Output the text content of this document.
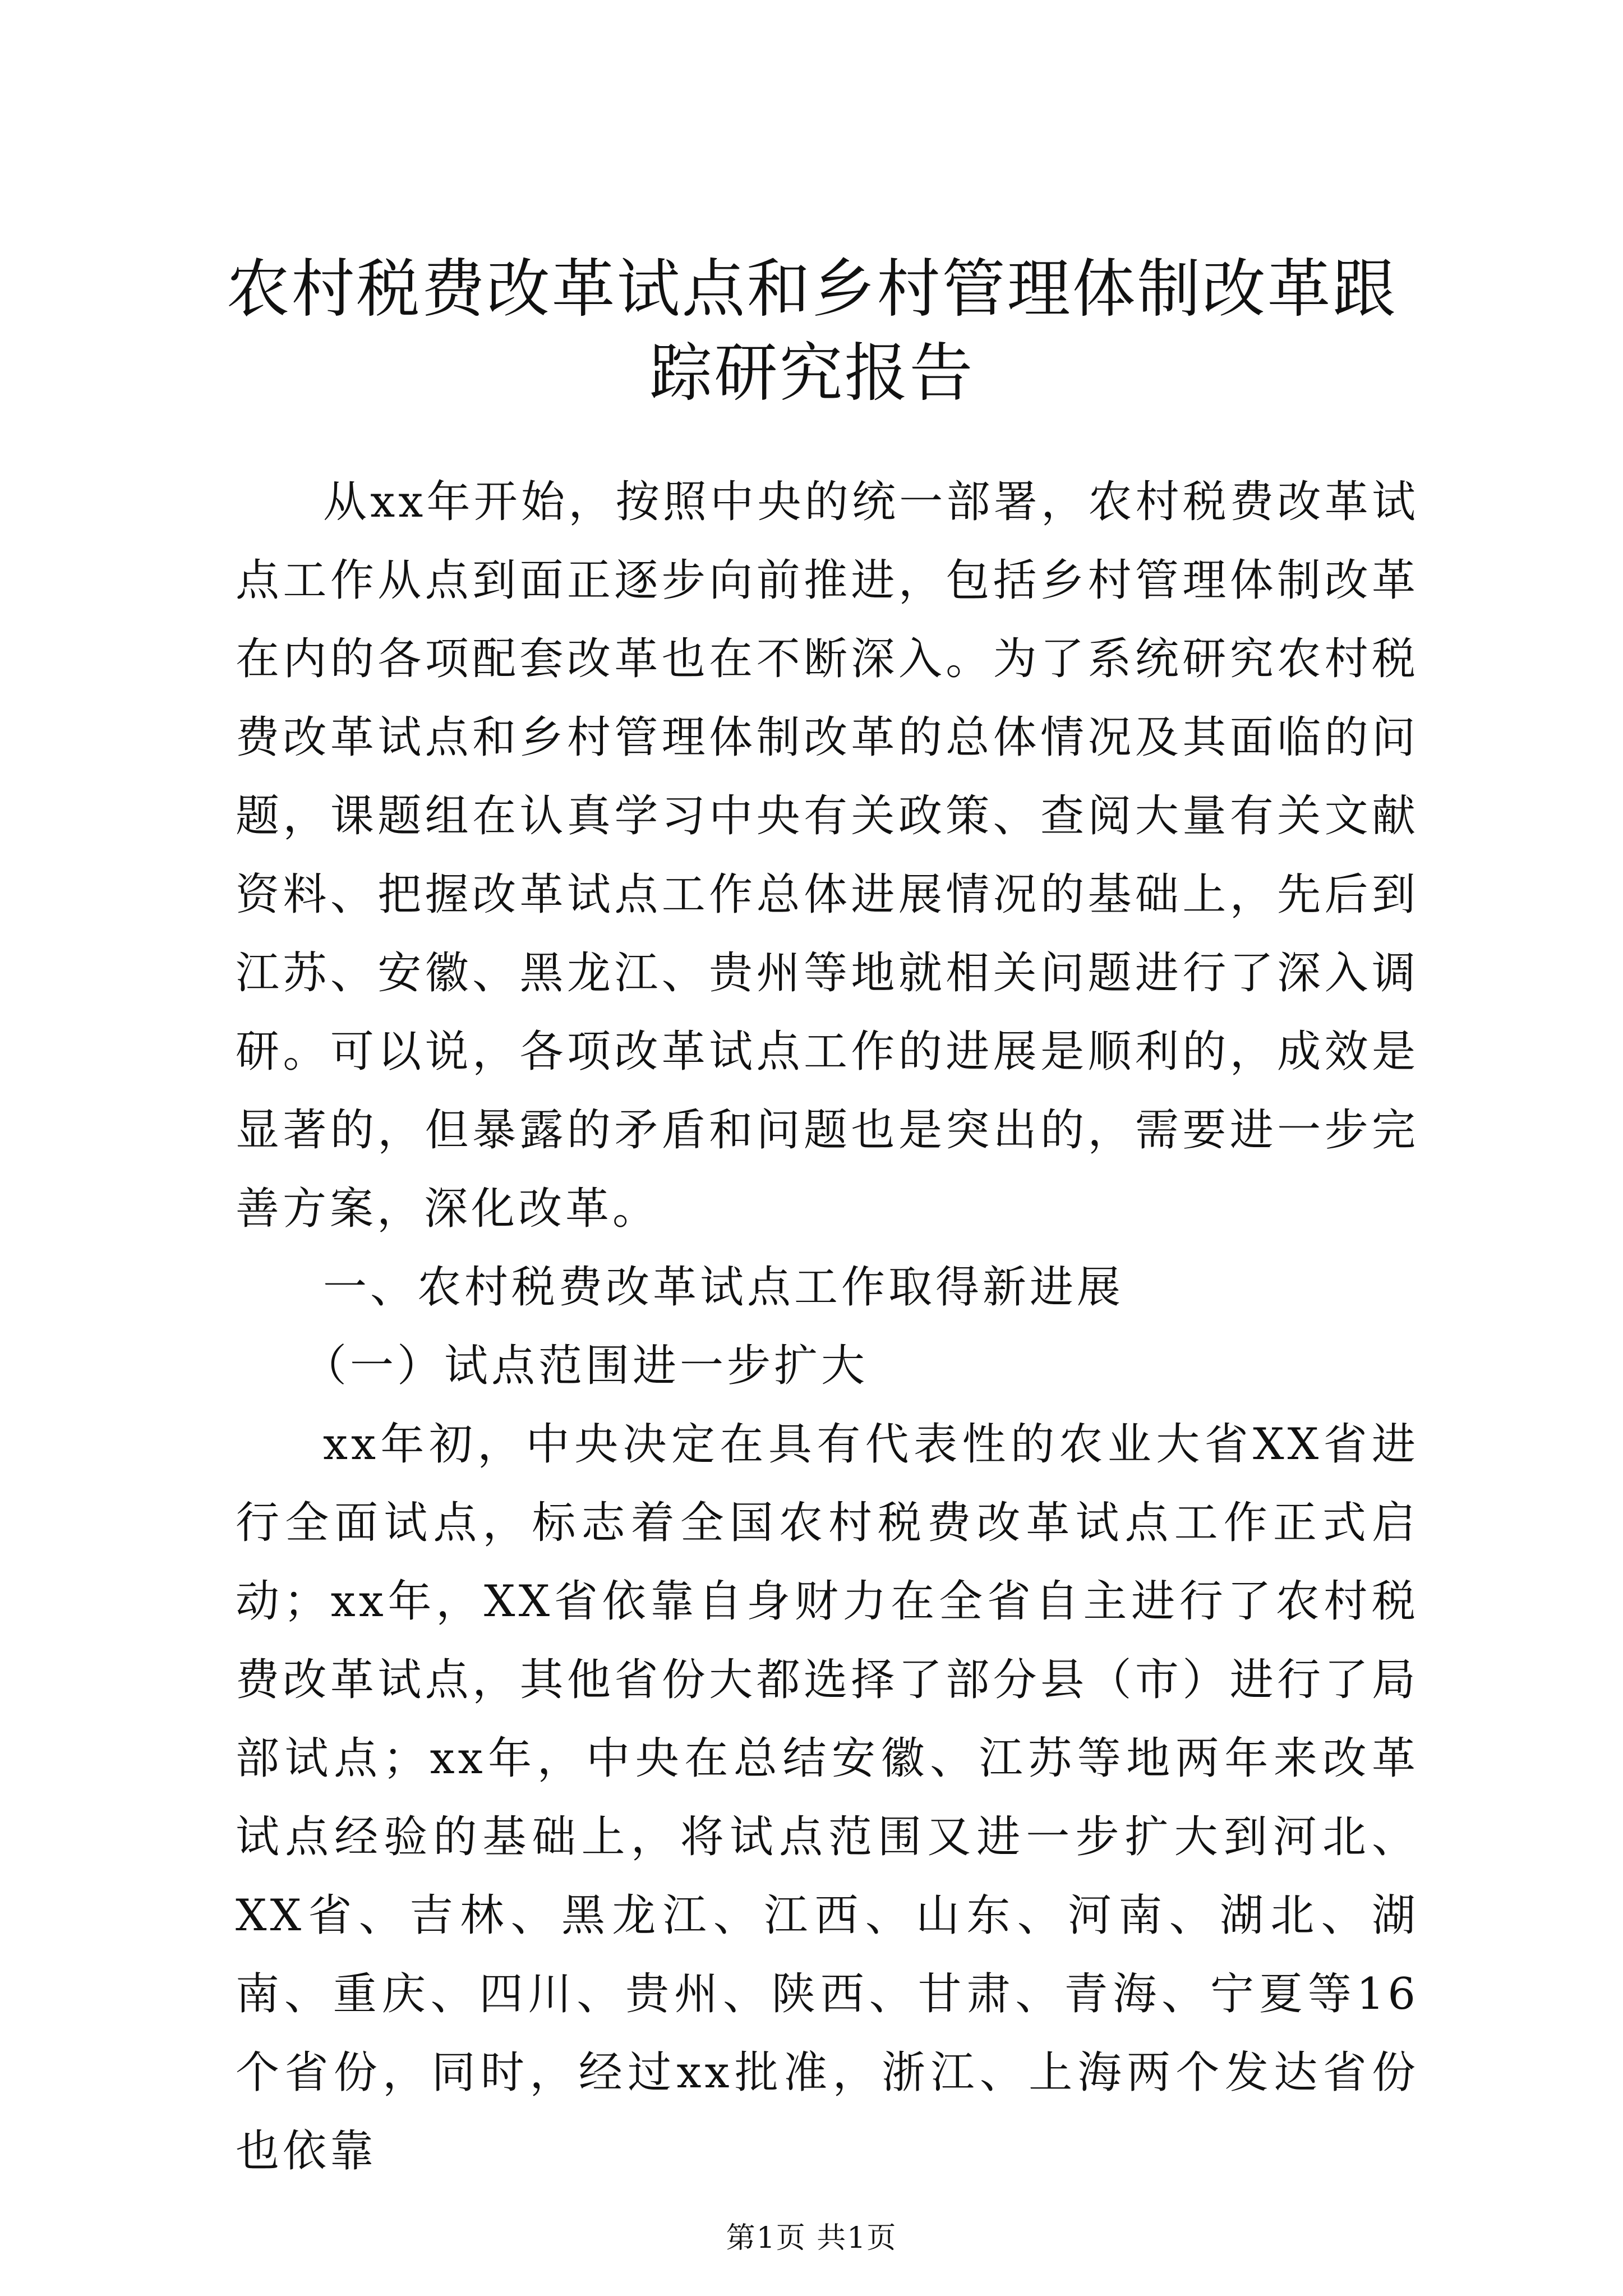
农村税费改革试点和乡村管理体制改革跟踪研究报告

从xx年开始，按照中央的统一部署，农村税费改革试点工作从点到面正逐步向前推进，包括乡村管理体制改革在内的各项配套改革也在不断深入。为了系统研究农村税费改革试点和乡村管理体制改革的总体情况及其面临的问题，课题组在认真学习中央有关政策、查阅大量有关文献资料、把握改革试点工作总体进展情况的基础上，先后到江苏、安徽、黑龙江、贵州等地就相关问题进行了深入调研。可以说，各项改革试点工作的进展是顺利的，成效是显著的，但暴露的矛盾和问题也是突出的，需要进一步完善方案，深化改革。

一、农村税费改革试点工作取得新进展

（一）试点范围进一步扩大

xx年初，中央决定在具有代表性的农业大省XX省进行全面试点，标志着全国农村税费改革试点工作正式启动；xx年，XX省依靠自身财力在全省自主进行了农村税费改革试点，其他省份大都选择了部分县（市）进行了局部试点；xx年，中央在总结安徽、江苏等地两年来改革试点经验的基础上，将试点范围又进一步扩大到河北、XX省、吉林、黑龙江、江西、山东、河南、湖北、湖南、重庆、四川、贵州、陕西、甘肃、青海、宁夏等16个省份，同时，经过xx批准，浙江、上海两个发达省份也依靠

第1页 共1页
